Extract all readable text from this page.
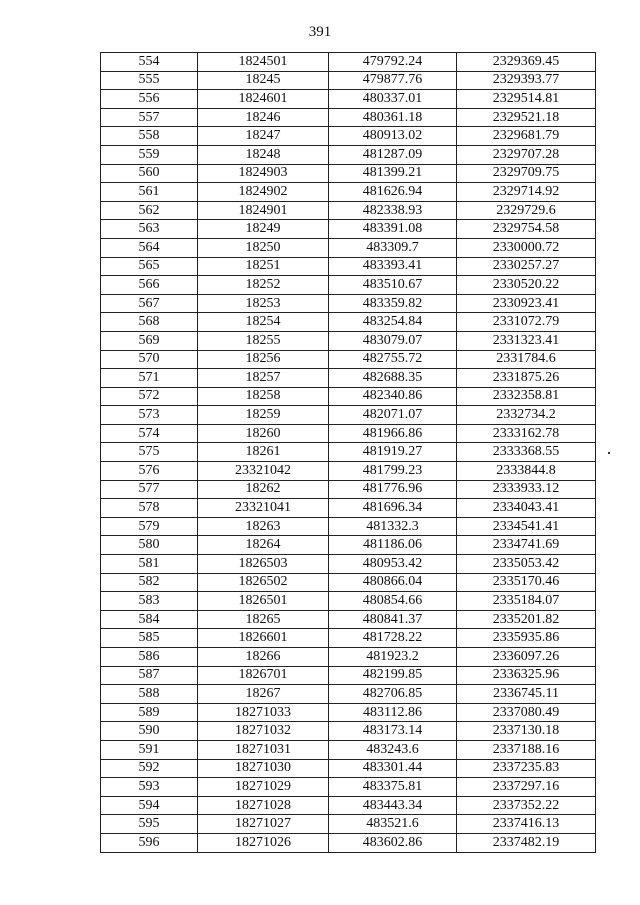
391
554	1824501	479792.24	2329369.45
555	18245	479877.76	2329393.77
556	1824601	480337.01	2329514.81
557	18246	480361.18	2329521.18
558	18247	480913.02	2329681.79
559	18248	481287.09	2329707.28
560	1824903	481399.21	2329709.75
561	1824902	481626.94	2329714.92
562	1824901	482338.93	2329729.6
563	18249	483391.08	2329754.58
564	18250	483309.7	2330000.72
565	18251	483393.41	2330257.27
566	18252	483510.67	2330520.22
567	18253	483359.82	2330923.41
568	18254	483254.84	2331072.79
569	18255	483079.07	2331323.41
570	18256	482755.72	2331784.6
571	18257	482688.35	2331875.26
572	18258	482340.86	2332358.81
573	18259	482071.07	2332734.2
574	18260	481966.86	2333162.78
575	18261	481919.27	2333368.55
576	23321042	481799.23	2333844.8
577	18262	481776.96	2333933.12
578	23321041	481696.34	2334043.41
579	18263	481332.3	2334541.41
580	18264	481186.06	2334741.69
581	1826503	480953.42	2335053.42
582	1826502	480866.04	2335170.46
583	1826501	480854.66	2335184.07
584	18265	480841.37	2335201.82
585	1826601	481728.22	2335935.86
586	18266	481923.2	2336097.26
587	1826701	482199.85	2336325.96
588	18267	482706.85	2336745.11
589	18271033	483112.86	2337080.49
590	18271032	483173.14	2337130.18
591	18271031	483243.6	2337188.16
592	18271030	483301.44	2337235.83
593	18271029	483375.81	2337297.16
594	18271028	483443.34	2337352.22
595	18271027	483521.6	2337416.13
596	18271026	483602.86	2337482.19
